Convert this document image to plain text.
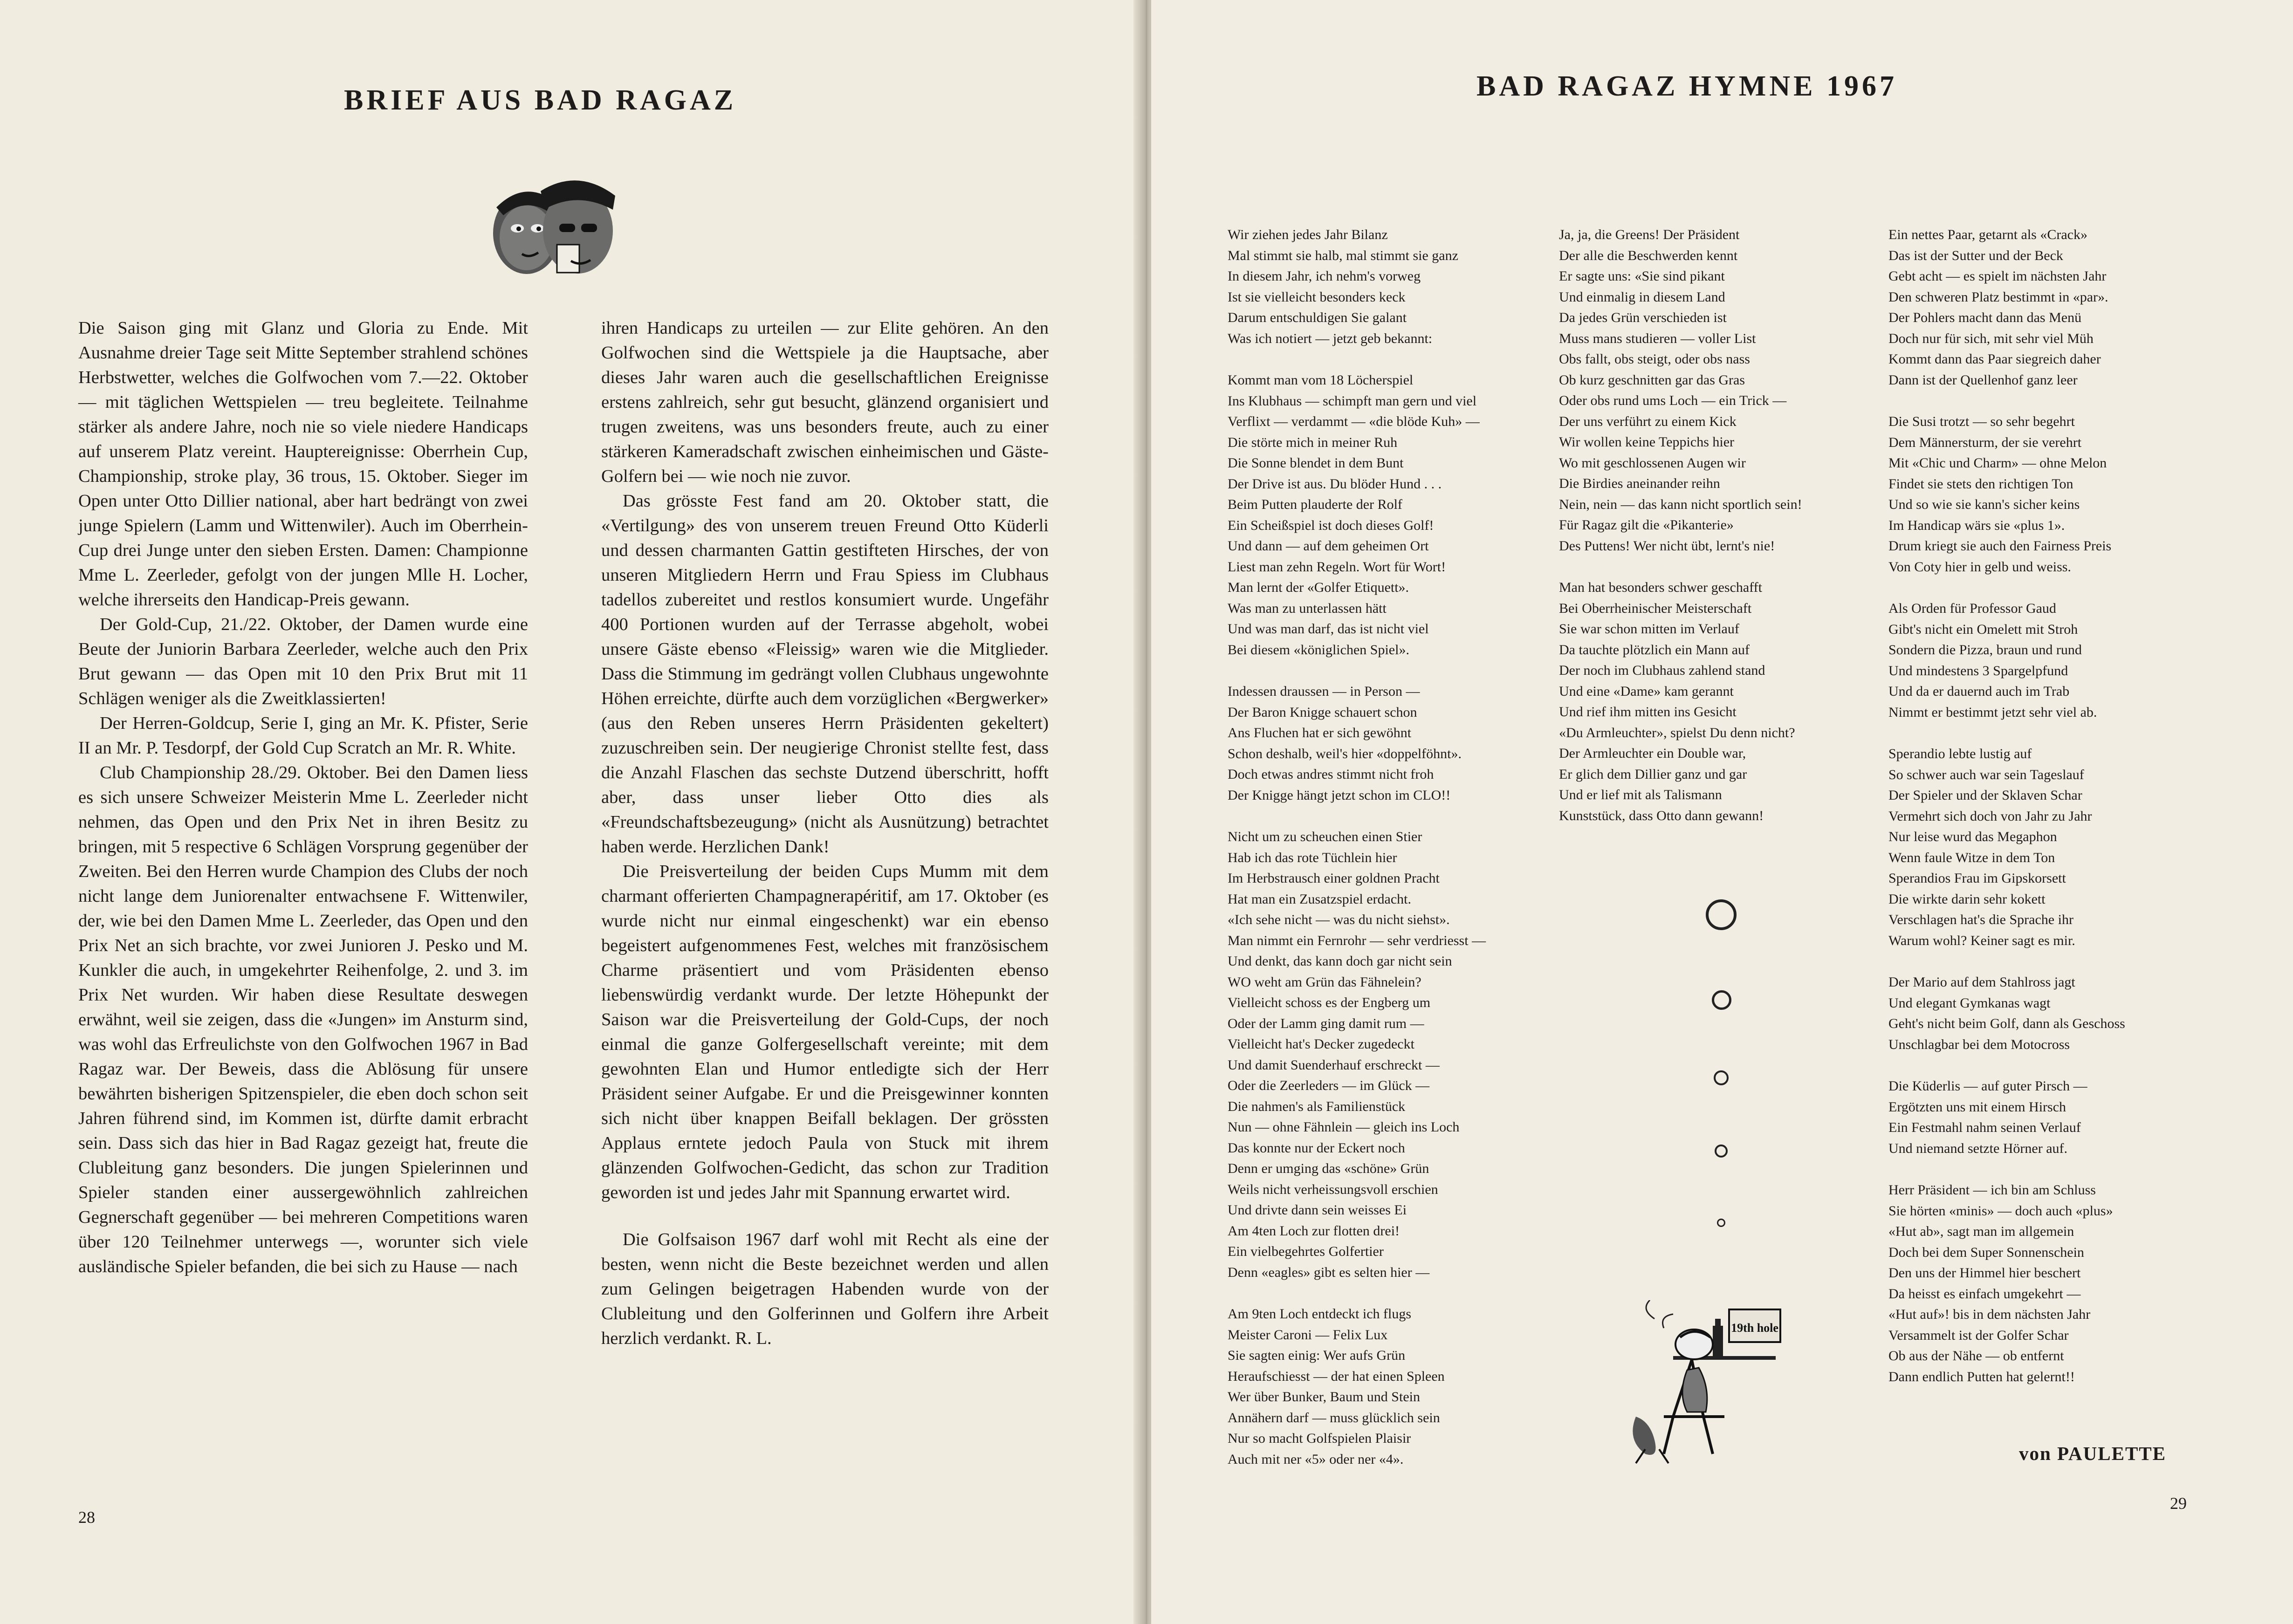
BRIEF AUS BAD RAGAZ

Die Saison ging mit Glanz und Gloria zu Ende. Mit Ausnahme dreier Tage seit Mitte September strahlend schönes Herbstwetter, welches die Golfwochen vom 7.—22. Oktober — mit täglichen Wettspielen — treu begleitete. Teilnahme stärker als andere Jahre, noch nie so viele niedere Handicaps auf unserem Platz vereint. Hauptereignisse: Oberrhein Cup, Championship, stroke play, 36 trous, 15. Oktober. Sieger im Open unter Otto Dillier national, aber hart bedrängt von zwei junge Spielern (Lamm und Wittenwiler). Auch im Oberrhein-Cup drei Junge unter den sieben Ersten. Damen: Championne Mme L. Zeerleder, gefolgt von der jungen Mlle H. Locher, welche ihrerseits den Handicap-Preis gewann.

Der Gold-Cup, 21./22. Oktober, der Damen wurde eine Beute der Juniorin Barbara Zeerleder, welche auch den Prix Brut gewann — das Open mit 10 den Prix Brut mit 11 Schlägen weniger als die Zweitklassierten!

Der Herren-Goldcup, Serie I, ging an Mr. K. Pfister, Serie II an Mr. P. Tesdorpf, der Gold Cup Scratch an Mr. R. White.

Club Championship 28./29. Oktober. Bei den Damen liess es sich unsere Schweizer Meisterin Mme L. Zeerleder nicht nehmen, das Open und den Prix Net in ihren Besitz zu bringen, mit 5 respective 6 Schlägen Vorsprung gegenüber der Zweiten. Bei den Herren wurde Champion des Clubs der noch nicht lange dem Juniorenalter entwachsene F. Wittenwiler, der, wie bei den Damen Mme L. Zeerleder, das Open und den Prix Net an sich brachte, vor zwei Junioren J. Pesko und M. Kunkler die auch, in umgekehrter Reihenfolge, 2. und 3. im Prix Net wurden. Wir haben diese Resultate deswegen erwähnt, weil sie zeigen, dass die «Jungen» im Ansturm sind, was wohl das Erfreulichste von den Golfwochen 1967 in Bad Ragaz war. Der Beweis, dass die Ablösung für unsere bewährten bisherigen Spitzenspieler, die eben doch schon seit Jahren führend sind, im Kommen ist, dürfte damit erbracht sein. Dass sich das hier in Bad Ragaz gezeigt hat, freute die Clubleitung ganz besonders. Die jungen Spielerinnen und Spieler standen einer aussergewöhnlich zahlreichen Gegnerschaft gegenüber — bei mehreren Competitions waren über 120 Teilnehmer unterwegs —, worunter sich viele ausländische Spieler befanden, die bei sich zu Hause — nach

ihren Handicaps zu urteilen — zur Elite gehören. An den Golfwochen sind die Wettspiele ja die Hauptsache, aber dieses Jahr waren auch die gesellschaftlichen Ereignisse erstens zahlreich, sehr gut besucht, glänzend organisiert und trugen zweitens, was uns besonders freute, auch zu einer stärkeren Kameradschaft zwischen einheimischen und Gäste-Golfern bei — wie noch nie zuvor.

Das grösste Fest fand am 20. Oktober statt, die «Vertilgung» des von unserem treuen Freund Otto Küderli und dessen charmanten Gattin gestifteten Hirsches, der von unseren Mitgliedern Herrn und Frau Spiess im Clubhaus tadellos zubereitet und restlos konsumiert wurde. Ungefähr 400 Portionen wurden auf der Terrasse abgeholt, wobei unsere Gäste ebenso «Fleissig» waren wie die Mitglieder. Dass die Stimmung im gedrängt vollen Clubhaus ungewohnte Höhen erreichte, dürfte auch dem vorzüglichen «Bergwerker» (aus den Reben unseres Herrn Präsidenten gekeltert) zuzuschreiben sein. Der neugierige Chronist stellte fest, dass die Anzahl Flaschen das sechste Dutzend überschritt, hofft aber, dass unser lieber Otto dies als «Freundschaftsbezeugung» (nicht als Ausnützung) betrachtet haben werde. Herzlichen Dank!

Die Preisverteilung der beiden Cups Mumm mit dem charmant offerierten Champagnerapéritif, am 17. Oktober (es wurde nicht nur einmal eingeschenkt) war ein ebenso begeistert aufgenommenes Fest, welches mit französischem Charme präsentiert und vom Präsidenten ebenso liebenswürdig verdankt wurde. Der letzte Höhepunkt der Saison war die Preisverteilung der Gold-Cups, der noch einmal die ganze Golfergesellschaft vereinte; mit dem gewohnten Elan und Humor entledigte sich der Herr Präsident seiner Aufgabe. Er und die Preisgewinner konnten sich nicht über knappen Beifall beklagen. Der grössten Applaus erntete jedoch Paula von Stuck mit ihrem glänzenden Golfwochen-Gedicht, das schon zur Tradition geworden ist und jedes Jahr mit Spannung erwartet wird.

Die Golfsaison 1967 darf wohl mit Recht als eine der besten, wenn nicht die Beste bezeichnet werden und allen zum Gelingen beigetragen Habenden wurde von der Clubleitung und den Golferinnen und Golfern ihre Arbeit herzlich verdankt. R. L.

28
BAD RAGAZ HYMNE 1967
Wir ziehen jedes Jahr Bilanz
Mal stimmt sie halb, mal stimmt sie ganz
In diesem Jahr, ich nehm's vorweg
Ist sie vielleicht besonders keck
Darum entschuldigen Sie galant
Was ich notiert — jetzt geb bekannt:
Kommt man vom 18 Löcherspiel
Ins Klubhaus — schimpft man gern und viel
Verflixt — verdammt — «die blöde Kuh» —
Die störte mich in meiner Ruh
Die Sonne blendet in dem Bunt
Der Drive ist aus. Du blöder Hund . . .
Beim Putten plauderte der Rolf
Ein Scheißspiel ist doch dieses Golf!
Und dann — auf dem geheimen Ort
Liest man zehn Regeln. Wort für Wort!
Man lernt der «Golfer Etiquett».
Was man zu unterlassen hätt
Und was man darf, das ist nicht viel
Bei diesem «königlichen Spiel».
Indessen draussen — in Person —
Der Baron Knigge schauert schon
Ans Fluchen hat er sich gewöhnt
Schon deshalb, weil's hier «doppelföhnt».
Doch etwas andres stimmt nicht froh
Der Knigge hängt jetzt schon im CLO!!
Nicht um zu scheuchen einen Stier
Hab ich das rote Tüchlein hier
Im Herbstrausch einer goldnen Pracht
Hat man ein Zusatzspiel erdacht.
«Ich sehe nicht — was du nicht siehst».
Man nimmt ein Fernrohr — sehr verdriesst —
Und denkt, das kann doch gar nicht sein
WO weht am Grün das Fähnelein?
Vielleicht schoss es der Engberg um
Oder der Lamm ging damit rum —
Vielleicht hat's Decker zugedeckt
Und damit Suenderhauf erschreckt —
Oder die Zeerleders — im Glück —
Die nahmen's als Familienstück
Nun — ohne Fähnlein — gleich ins Loch
Das konnte nur der Eckert noch
Denn er umging das «schöne» Grün
Weils nicht verheissungsvoll erschien
Und drivte dann sein weisses Ei
Am 4ten Loch zur flotten drei!
Ein vielbegehrtes Golfertier
Denn «eagles» gibt es selten hier —
Am 9ten Loch entdeckt ich flugs
Meister Caroni — Felix Lux
Sie sagten einig: Wer aufs Grün
Heraufschiesst — der hat einen Spleen
Wer über Bunker, Baum und Stein
Annähern darf — muss glücklich sein
Nur so macht Golfspielen Plaisir
Auch mit ner «5» oder ner «4».
Ja, ja, die Greens! Der Präsident
Der alle die Beschwerden kennt
Er sagte uns: «Sie sind pikant
Und einmalig in diesem Land
Da jedes Grün verschieden ist
Muss mans studieren — voller List
Obs fallt, obs steigt, oder obs nass
Ob kurz geschnitten gar das Gras
Oder obs rund ums Loch — ein Trick —
Der uns verführt zu einem Kick
Wir wollen keine Teppichs hier
Wo mit geschlossenen Augen wir
Die Birdies aneinander reihn
Nein, nein — das kann nicht sportlich sein!
Für Ragaz gilt die «Pikanterie»
Des Puttens! Wer nicht übt, lernt's nie!
Man hat besonders schwer geschafft
Bei Oberrheinischer Meisterschaft
Sie war schon mitten im Verlauf
Da tauchte plötzlich ein Mann auf
Der noch im Clubhaus zahlend stand
Und eine «Dame» kam gerannt
Und rief ihm mitten ins Gesicht
«Du Armleuchter», spielst Du denn nicht?
Der Armleuchter ein Double war,
Er glich dem Dillier ganz und gar
Und er lief mit als Talismann
Kunststück, dass Otto dann gewann!
Ein nettes Paar, getarnt als «Crack»
Das ist der Sutter und der Beck
Gebt acht — es spielt im nächsten Jahr
Den schweren Platz bestimmt in «par».
Der Pohlers macht dann das Menü
Doch nur für sich, mit sehr viel Müh
Kommt dann das Paar siegreich daher
Dann ist der Quellenhof ganz leer
Die Susi trotzt — so sehr begehrt
Dem Männersturm, der sie verehrt
Mit «Chic und Charm» — ohne Melon
Findet sie stets den richtigen Ton
Und so wie sie kann's sicher keins
Im Handicap wärs sie «plus 1».
Drum kriegt sie auch den Fairness Preis
Von Coty hier in gelb und weiss.
Als Orden für Professor Gaud
Gibt's nicht ein Omelett mit Stroh
Sondern die Pizza, braun und rund
Und mindestens 3 Spargelpfund
Und da er dauernd auch im Trab
Nimmt er bestimmt jetzt sehr viel ab.
Sperandio lebte lustig auf
So schwer auch war sein Tageslauf
Der Spieler und der Sklaven Schar
Vermehrt sich doch von Jahr zu Jahr
Nur leise wurd das Megaphon
Wenn faule Witze in dem Ton
Sperandios Frau im Gipskorsett
Die wirkte darin sehr kokett
Verschlagen hat's die Sprache ihr
Warum wohl? Keiner sagt es mir.
Der Mario auf dem Stahlross jagt
Und elegant Gymkanas wagt
Geht's nicht beim Golf, dann als Geschoss
Unschlagbar bei dem Motocross
Die Küderlis — auf guter Pirsch —
Ergötzten uns mit einem Hirsch
Ein Festmahl nahm seinen Verlauf
Und niemand setzte Hörner auf.
Herr Präsident — ich bin am Schluss
Sie hörten «minis» — doch auch «plus»
«Hut ab», sagt man im allgemein
Doch bei dem Super Sonnenschein
Den uns der Himmel hier beschert
Da heisst es einfach umgekehrt —
«Hut auf»! bis in dem nächsten Jahr
Versammelt ist der Golfer Schar
Ob aus der Nähe — ob entfernt
Dann endlich Putten hat gelernt!!
19th hole
von PAULETTE
29
